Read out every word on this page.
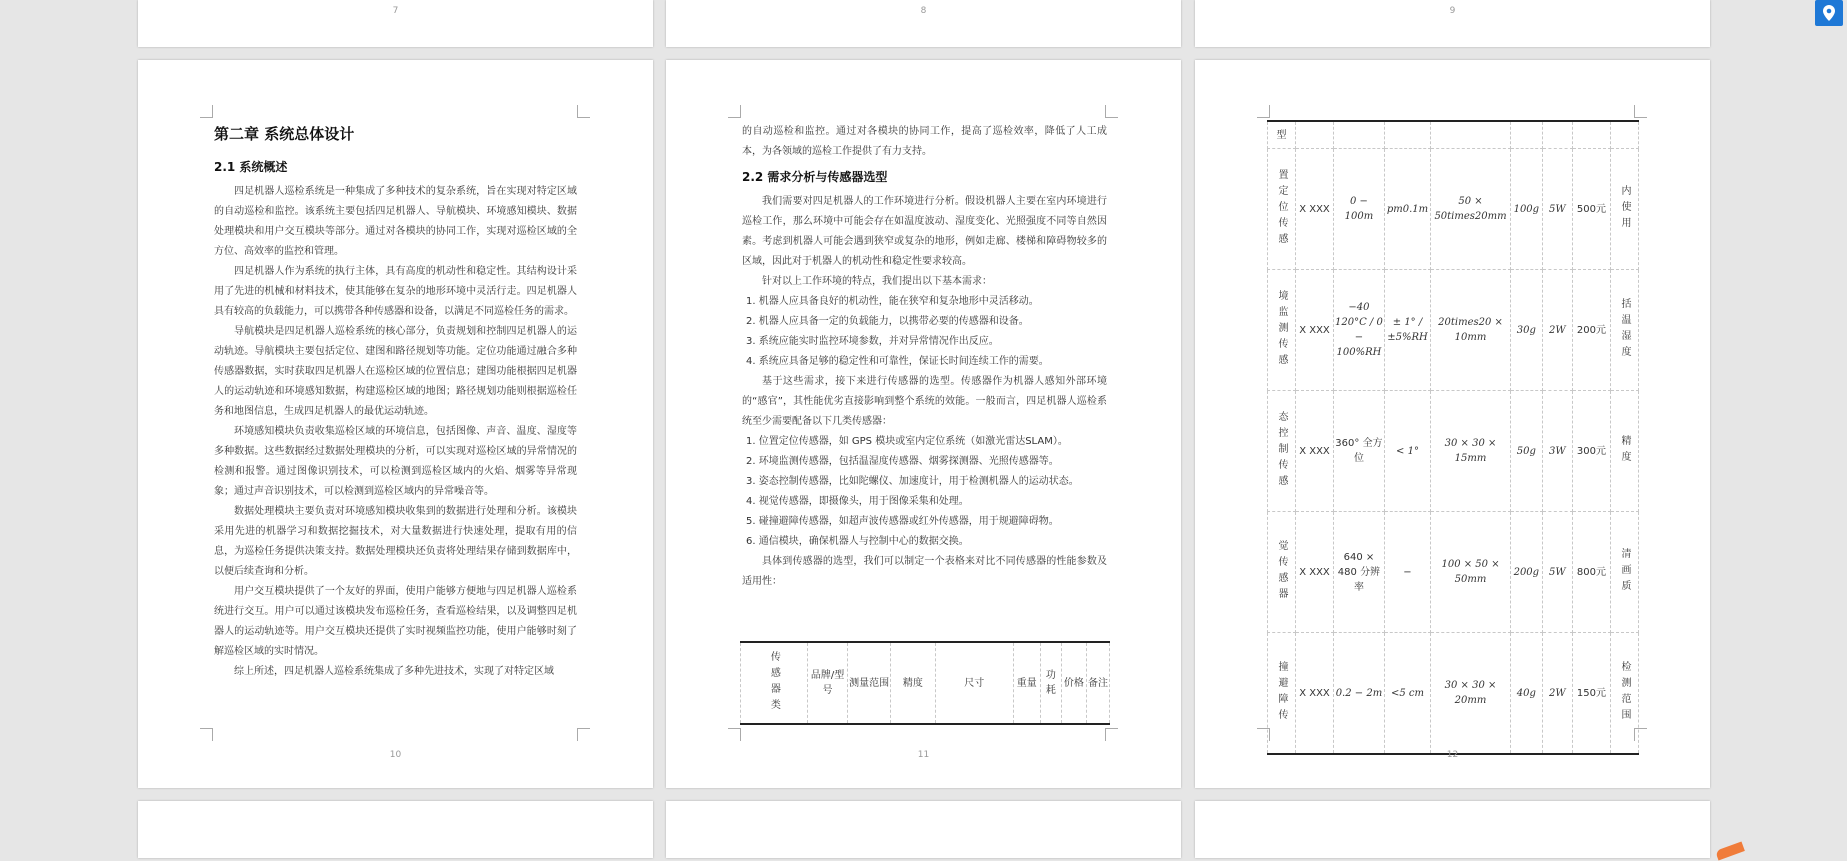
7	8	9
第二章 系统总体设计
2.1 系统概述

四足机器人巡检系统是一种集成了多种技术的复杂系统，旨在实现对特定区域的自动巡检和监控。该系统主要包括四足机器人、导航模块、环境感知模块、数据处理模块和用户交互模块等部分。通过对各模块的协同工作，实现对巡检区域的全方位、高效率的监控和管理。

四足机器人作为系统的执行主体，具有高度的机动性和稳定性。其结构设计采用了先进的机械和材料技术，使其能够在复杂的地形环境中灵活行走。四足机器人具有较高的负载能力，可以携带各种传感器和设备，以满足不同巡检任务的需求。

导航模块是四足机器人巡检系统的核心部分，负责规划和控制四足机器人的运动轨迹。导航模块主要包括定位、建图和路径规划等功能。定位功能通过融合多种传感器数据，实时获取四足机器人在巡检区域的位置信息；建图功能根据四足机器人的运动轨迹和环境感知数据，构建巡检区域的地图；路径规划功能则根据巡检任务和地图信息，生成四足机器人的最优运动轨迹。

环境感知模块负责收集巡检区域的环境信息，包括图像、声音、温度、湿度等多种数据。这些数据经过数据处理模块的分析，可以实现对巡检区域的异常情况的检测和报警。通过图像识别技术，可以检测到巡检区域内的火焰、烟雾等异常现象；通过声音识别技术，可以检测到巡检区域内的异常噪音等。

数据处理模块主要负责对环境感知模块收集到的数据进行处理和分析。该模块采用先进的机器学习和数据挖掘技术，对大量数据进行快速处理，提取有用的信息，为巡检任务提供决策支持。数据处理模块还负责将处理结果存储到数据库中，以便后续查询和分析。

用户交互模块提供了一个友好的界面，使用户能够方便地与四足机器人巡检系统进行交互。用户可以通过该模块发布巡检任务，查看巡检结果，以及调整四足机器人的运动轨迹等。用户交互模块还提供了实时视频监控功能，使用户能够时刻了解巡检区域的实时情况。

综上所述，四足机器人巡检系统集成了多种先进技术，实现了对特定区域

10

的自动巡检和监控。通过对各模块的协同工作，提高了巡检效率，降低了人工成本，为各领域的巡检工作提供了有力支持。

2.2 需求分析与传感器选型

我们需要对四足机器人的工作环境进行分析。假设机器人主要在室内环境进行巡检工作，那么环境中可能会存在如温度波动、湿度变化、光照强度不同等自然因素。考虑到机器人可能会遇到狭窄或复杂的地形，例如走廊、楼梯和障碍物较多的区域，因此对于机器人的机动性和稳定性要求较高。

针对以上工作环境的特点，我们提出以下基本需求：

1. 机器人应具备良好的机动性，能在狭窄和复杂地形中灵活移动。

2. 机器人应具备一定的负载能力，以携带必要的传感器和设备。

3. 系统应能实时监控环境参数，并对异常情况作出反应。

4. 系统应具备足够的稳定性和可靠性，保证长时间连续工作的需要。

基于这些需求，接下来进行传感器的选型。传感器作为机器人感知外部环境的“感官”，其性能优劣直接影响到整个系统的效能。一般而言，四足机器人巡检系统至少需要配备以下几类传感器：

1. 位置定位传感器，如 GPS 模块或室内定位系统（如激光雷达SLAM）。

2. 环境监测传感器，包括温湿度传感器、烟雾探测器、光照传感器等。

3. 姿态控制传感器，比如陀螺仪、加速度计，用于检测机器人的运动状态。

4. 视觉传感器，即摄像头，用于图像采集和处理。

5. 碰撞避障传感器，如超声波传感器或红外传感器，用于规避障碍物。

6. 通信模块，确保机器人与控制中心的数据交换。

具体到传感器的选型，我们可以制定一个表格来对比不同传感器的性能参数及适用性：

传感器类	品牌/型号	测量范围	精度	尺寸	重量	功耗	价格	备注
11
型								
置定位传感	X XXX	0 − 100m	pm0.1m	50 × 50times20mm	100g	5W	500元	内使用
境监测传感	X XXX	−40 120°C / 0 − 100%RH	± 1° / ±5%RH	20times20 × 10mm	30g	2W	200元	括温湿度
态控制传感	X XXX	360° 全方位	< 1°	30 × 30 × 15mm	50g	3W	300元	精度
觉传感器	X XXX	640 × 480 分辨率	−	100 × 50 × 50mm	200g	5W	800元	清画质
撞避障传	X XXX	0.2 − 2m	<5 cm	30 × 30 × 20mm	40g	2W	150元	检测范围
12
